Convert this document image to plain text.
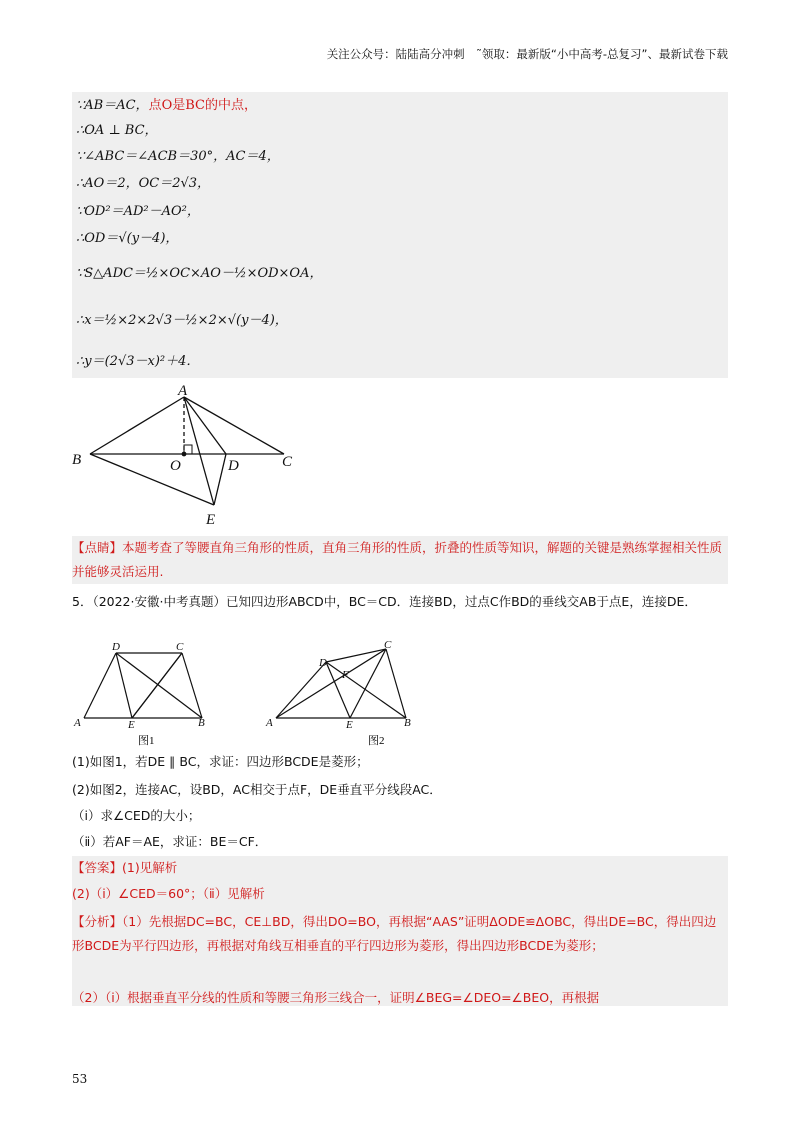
关注公众号：陆陆高分冲刺　˜领取：最新版“小中高考-总复习”、最新试卷下载
∵AB＝AC，点O是BC的中点，
∴OA ⊥ BC，
∵∠ABC＝∠ACB＝30°，AC＝4，
∴AO＝2，OC＝2√3，
∵OD²＝AD²－AO²，
∴OD＝√(y－4)，
∵S△ADC＝½×OC×AO－½×OD×OA，
∴x＝½×2×2√3－½×2×√(y－4)，
∴y＝(2√3－x)²＋4．
A
B	C
O	D
E
【点睛】本题考查了等腰直角三角形的性质，直角三角形的性质，折叠的性质等知识，解题的关键是熟练掌握相关性质并能够灵活运用.
5．（2022·安徽·中考真题）已知四边形ABCD中，BC＝CD．连接BD，过点C作BD的垂线交AB于点E，连接DE．
D	C
A	E	B
图1
D
F
C
A	E	B
图2
(1)如图1，若DE ∥ BC，求证：四边形BCDE是菱形；
(2)如图2，连接AC，设BD，AC相交于点F，DE垂直平分线段AC．
（ⅰ）求∠CED的大小；
（ⅱ）若AF＝AE，求证：BE＝CF．
【答案】(1)见解析
(2)（ⅰ）∠CED＝60°；（ⅱ）见解析
【分析】（1）先根据DC=BC，CE⊥BD，得出DO=BO，再根据“AAS”证明ΔODE≌ΔOBC，得出DE=BC，得出四边形BCDE为平行四边形，再根据对角线互相垂直的平行四边形为菱形，得出四边形BCDE为菱形；
（2）（ⅰ）根据垂直平分线的性质和等腰三角形三线合一，证明∠BEG=∠DEO=∠BEO，再根据
53
